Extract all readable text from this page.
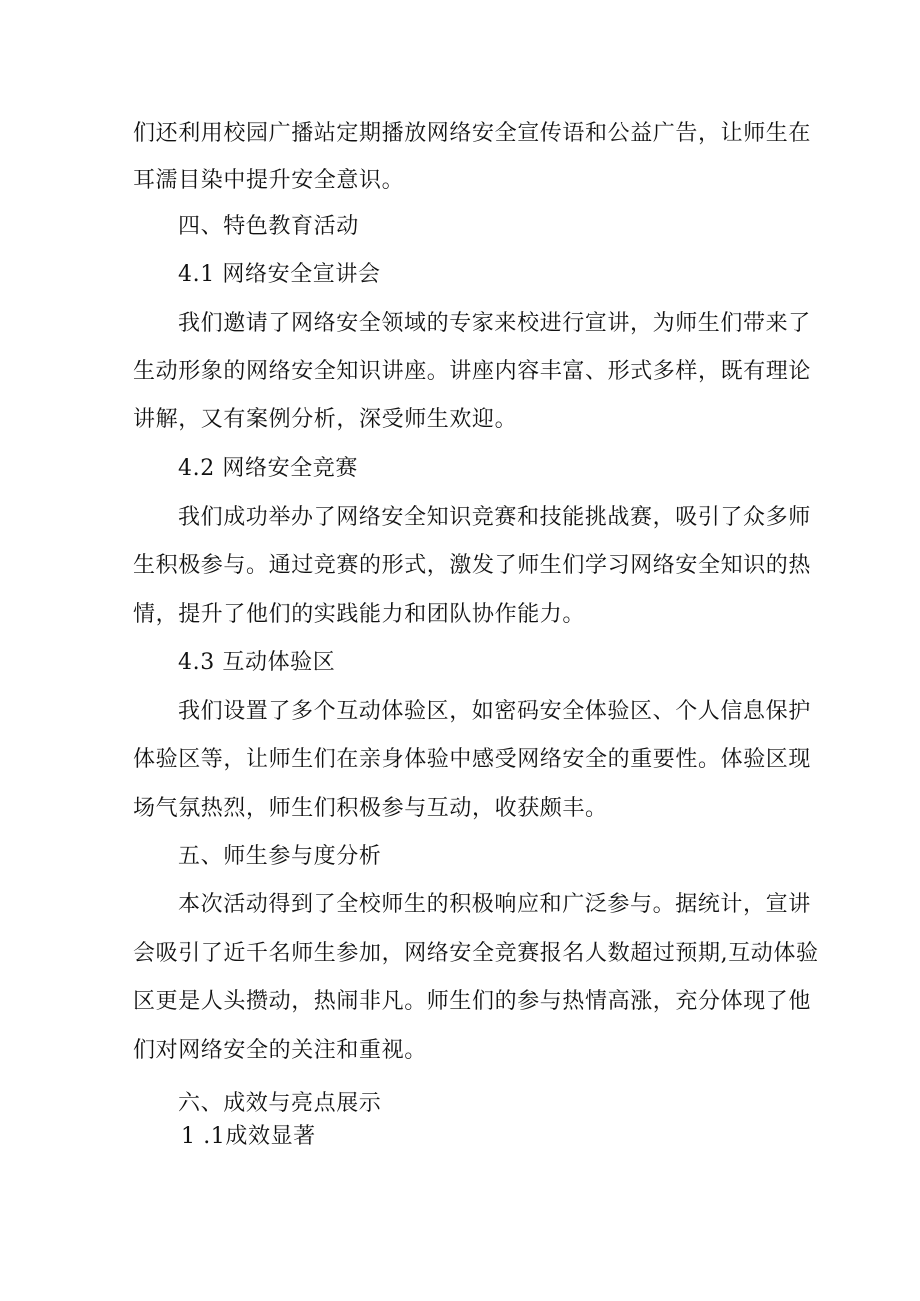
们还利用校园广播站定期播放网络安全宣传语和公益广告，让师生在
耳濡目染中提升安全意识。
四、特色教育活动
4.1 网络安全宣讲会
我们邀请了网络安全领域的专家来校进行宣讲，为师生们带来了
生动形象的网络安全知识讲座。讲座内容丰富、形式多样，既有理论
讲解，又有案例分析，深受师生欢迎。
4.2 网络安全竞赛
我们成功举办了网络安全知识竞赛和技能挑战赛，吸引了众多师
生积极参与。通过竞赛的形式，激发了师生们学习网络安全知识的热
情，提升了他们的实践能力和团队协作能力。
4.3 互动体验区
我们设置了多个互动体验区，如密码安全体验区、个人信息保护
体验区等，让师生们在亲身体验中感受网络安全的重要性。体验区现
场气氛热烈，师生们积极参与互动，收获颇丰。
五、师生参与度分析
本次活动得到了全校师生的积极响应和广泛参与。据统计，宣讲
会吸引了近千名师生参加，网络安全竞赛报名人数超过预期,互动体验
区更是人头攒动，热闹非凡。师生们的参与热情高涨，充分体现了他
们对网络安全的关注和重视。
六、成效与亮点展示
1 .1成效显著
